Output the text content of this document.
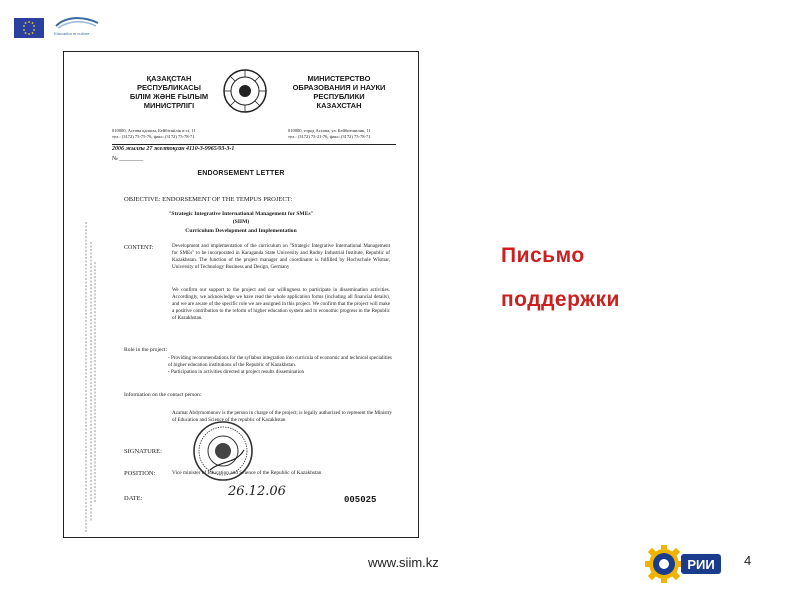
Education et culture
ҚАЗАҚСТАН
РЕСПУБЛИКАСЫ
БІЛІМ ЖӘНЕ ҒЫЛЫМ
МИНИСТРЛІГІ
МИНИСТЕРСТВО
ОБРАЗОВАНИЯ И НАУКИ
РЕСПУБЛИКИ
КАЗАХСТАН
010000, Астана қаласы, Бейбітшілік к-сі, 11
тел.: (3172) 75-75-76, факс: (3172) 75-78-71
010000, город Астана, ул. Бейбитшилик, 11
тел.: (3172) 75-21-76, факс: (3172) 75-78-71
2006 жылғы 27 желтоқсан 4110-3-9965/03-3-1
№ ________
ENDORSEMENT LETTER
OBJECTIVE: ENDORSEMENT OF THE TEMPUS PROJECT:
"Strategic Integrative International Management for SMEs"
(SIIM)
Curriculum Development and Implementation
CONTENT:	Development and implementation of the curriculum on "Strategic Integrative International Management for SMEs" to be incorporated in Karaganda State University and Rudny Industrial Institute, Republic of Kazakhstan. The function of the project manager and coordinator is fulfilled by Hochschule Wismar, University of Technology Business and Design, Germany
We confirm our support to the project and our willingness to participate in dissemination activities. Accordingly, we acknowledge we have read the whole application forms (including all financial details), and we are aware of the specific role we are assigned in this project. We confirm that the project will make a positive contribution to the reform of higher education system and to economic progress in the Republic of Kazakhstan.
Role in the project:
- Providing recommendations for the syllabus integration into curricula of economic and technical specialities of higher education institutions of the Republic of Kazakhstan.
- Participation in activities directed at project results dissemination
Information on the contact person:
Azamat Abdymomunov is the person in charge of the project; is legally authorized to represent the Ministry of Education and Science of the republic of Kazakhstan
SIGNATURE:
POSITION:	Vice minister of Education and Science of the Republic of Kazakhstan
DATE:	26.12.06
005025
Письмо
поддержки
www.siim.kz	РИИ 4
